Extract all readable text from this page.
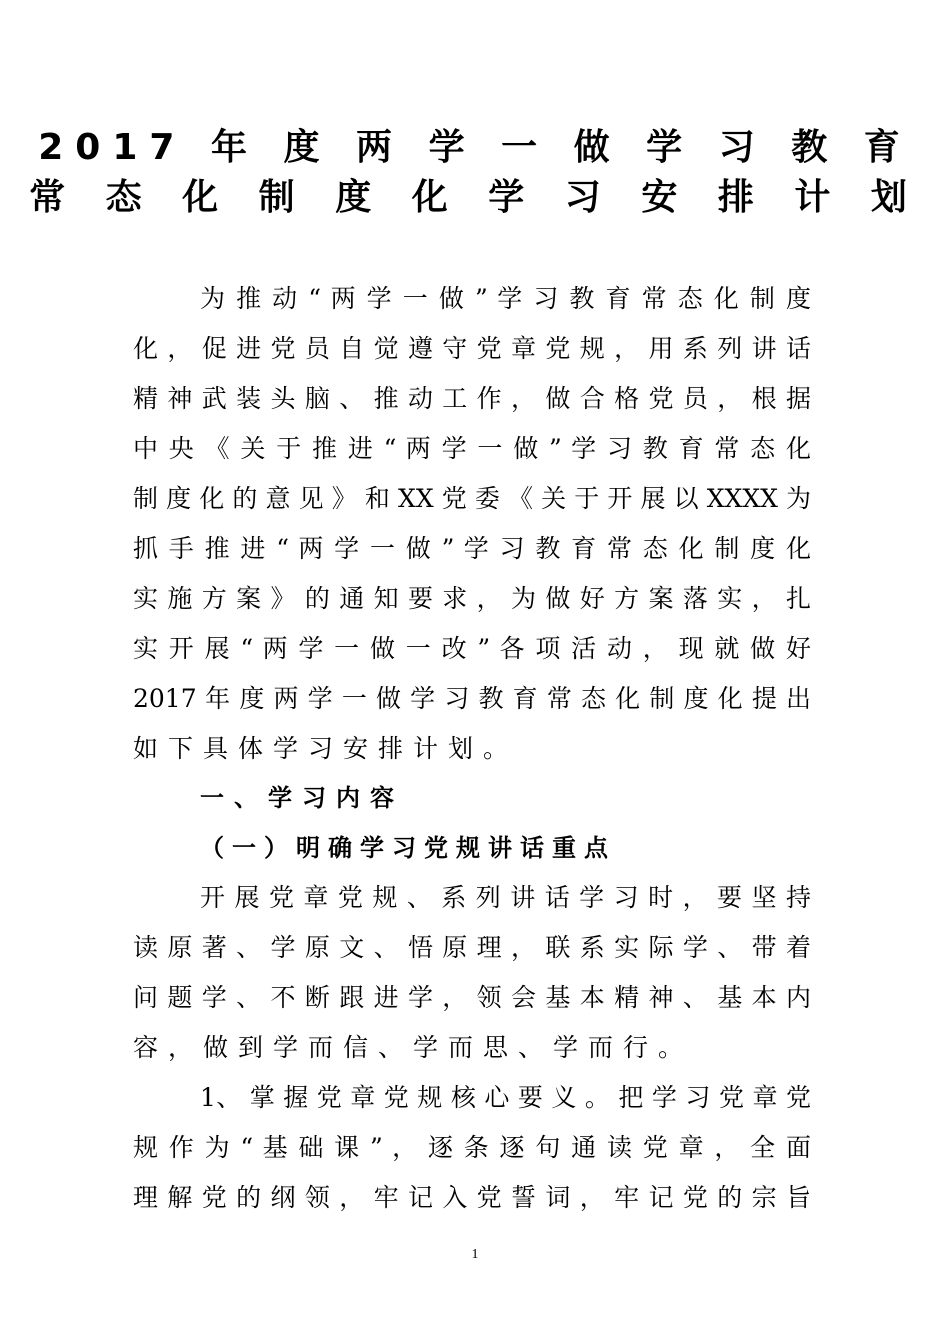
2017 年 度 两 学 一 做 学 习 教 育
常 态 化 制 度 化 学 习 安 排 计 划
为 推 动 “ 两 学 一 做 ” 学 习 教 育 常 态 化 制 度
化 ， 促 进 党 员 自 觉 遵 守 党 章 党 规 ， 用 系 列 讲 话
精 神 武 装 头 脑 、 推 动 工 作 ， 做 合 格 党 员 ， 根 据
中 央 《 关 于 推 进 “ 两 学 一 做 ” 学 习 教 育 常 态 化
制 度 化 的 意 见 》 和 XX 党 委 《 关 于 开 展 以 XXXX 为
抓 手 推 进 “ 两 学 一 做 ” 学 习 教 育 常 态 化 制 度 化
实 施 方 案 》 的 通 知 要 求 ， 为 做 好 方 案 落 实 ， 扎
实 开 展 “ 两 学 一 做 一 改 ” 各 项 活 动 ， 现 就 做 好
2017 年 度 两 学 一 做 学 习 教 育 常 态 化 制 度 化 提 出
如下具体学习安排计划。
一、学习内容
（一）明确学习党规讲话重点
开 展 党 章 党 规 、 系 列 讲 话 学 习 时 ， 要 坚 持
读 原 著 、 学 原 文 、 悟 原 理 ， 联 系 实 际 学 、 带 着
问 题 学 、 不 断 跟 进 学 ， 领 会 基 本 精 神 、 基 本 内
容，做到学而信、学而思、学而行。
1、 掌 握 党 章 党 规 核 心 要 义 。 把 学 习 党 章 党
规 作 为 “ 基 础 课 ” ， 逐 条 逐 句 通 读 党 章 ， 全 面
理 解 党 的 纲 领 ， 牢 记 入 党 誓 词 ， 牢 记 党 的 宗 旨
1
